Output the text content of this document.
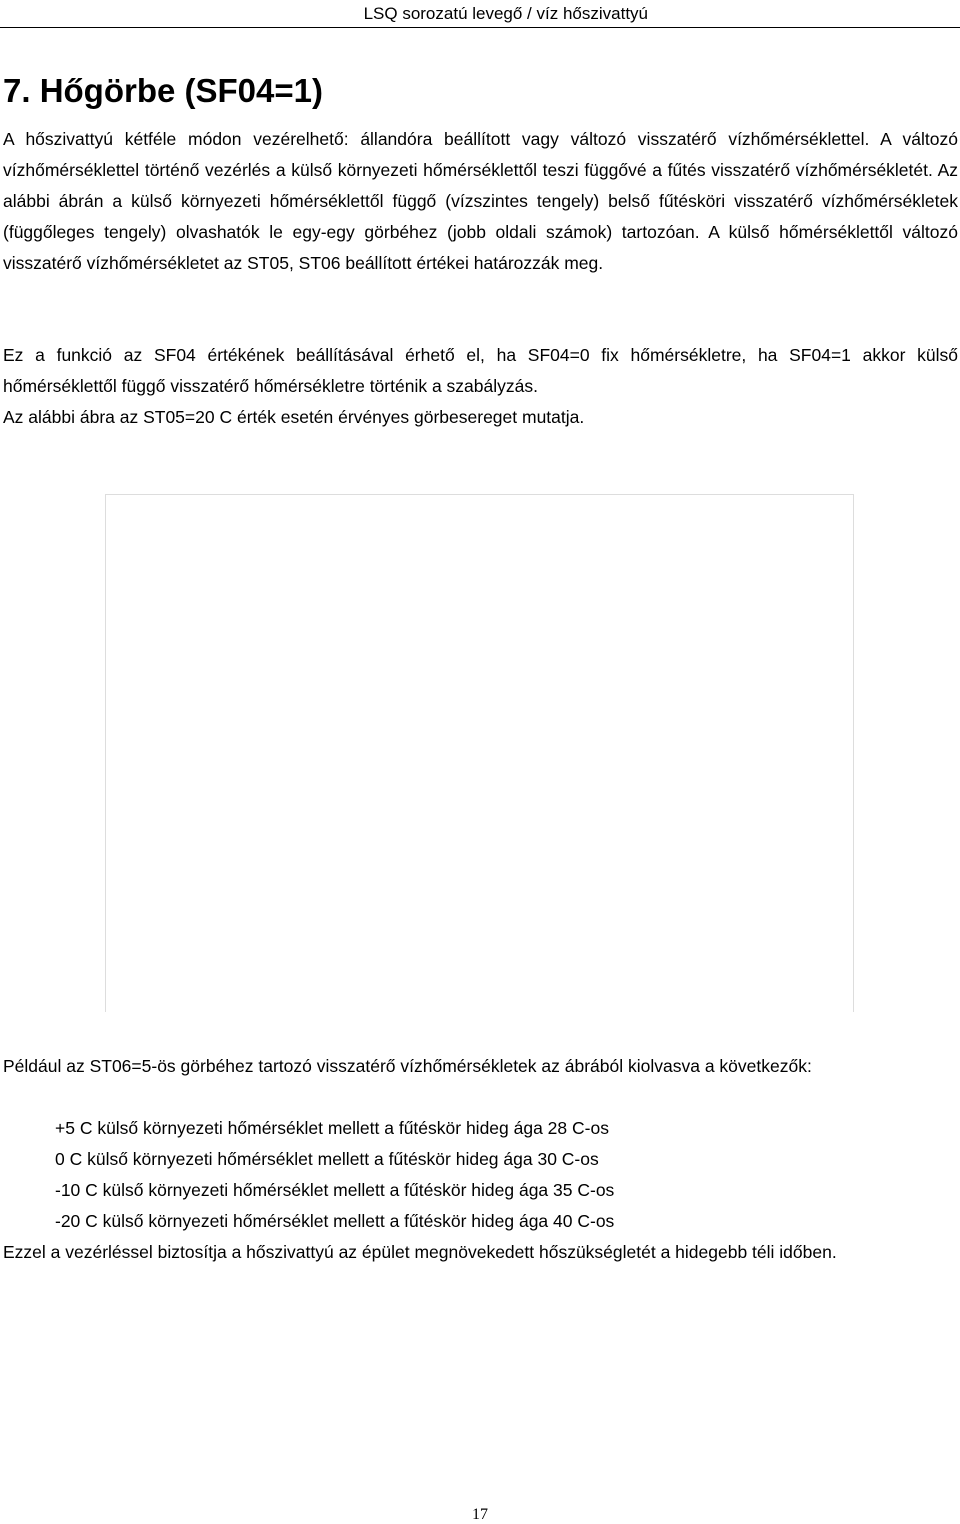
LSQ sorozatú levegő / víz hőszivattyú
7. Hőgörbe (SF04=1)

A hőszivattyú kétféle módon vezérelhető: állandóra beállított vagy változó visszatérő vízhőmérséklettel. A változó vízhőmérséklettel történő vezérlés a külső környezeti hőmérséklettől teszi függővé a fűtés visszatérő vízhőmérsékletét. Az alábbi ábrán a külső környezeti hőmérséklettől függő (vízszintes tengely) belső fűtésköri visszatérő vízhőmérsékletek (függőleges tengely) olvashatók le egy-egy görbéhez (jobb oldali számok) tartozóan. A külső hőmérséklettől változó visszatérő vízhőmérsékletet az ST05, ST06 beállított értékei határozzák meg.

Ez a funkció az SF04 értékének beállításával érhető el, ha SF04=0 fix hőmérsékletre, ha SF04=1 akkor külső hőmérséklettől függő visszatérő hőmérsékletre történik a szabályzás.

Az alábbi ábra az ST05=20 C érték esetén érvényes görbesereget mutatja.

Például az ST06=5-ös görbéhez tartozó visszatérő vízhőmérsékletek az ábrából kiolvasva a következők:

+5 C külső környezeti hőmérséklet mellett a fűtéskör hideg ága 28 C-os
0 C külső környezeti hőmérséklet mellett a fűtéskör hideg ága 30 C-os
-10 C külső környezeti hőmérséklet mellett a fűtéskör hideg ága 35 C-os
-20 C külső környezeti hőmérséklet mellett a fűtéskör hideg ága 40 C-os

Ezzel a vezérléssel biztosítja a hőszivattyú az épület megnövekedett hőszükségletét a hidegebb téli időben.

17
